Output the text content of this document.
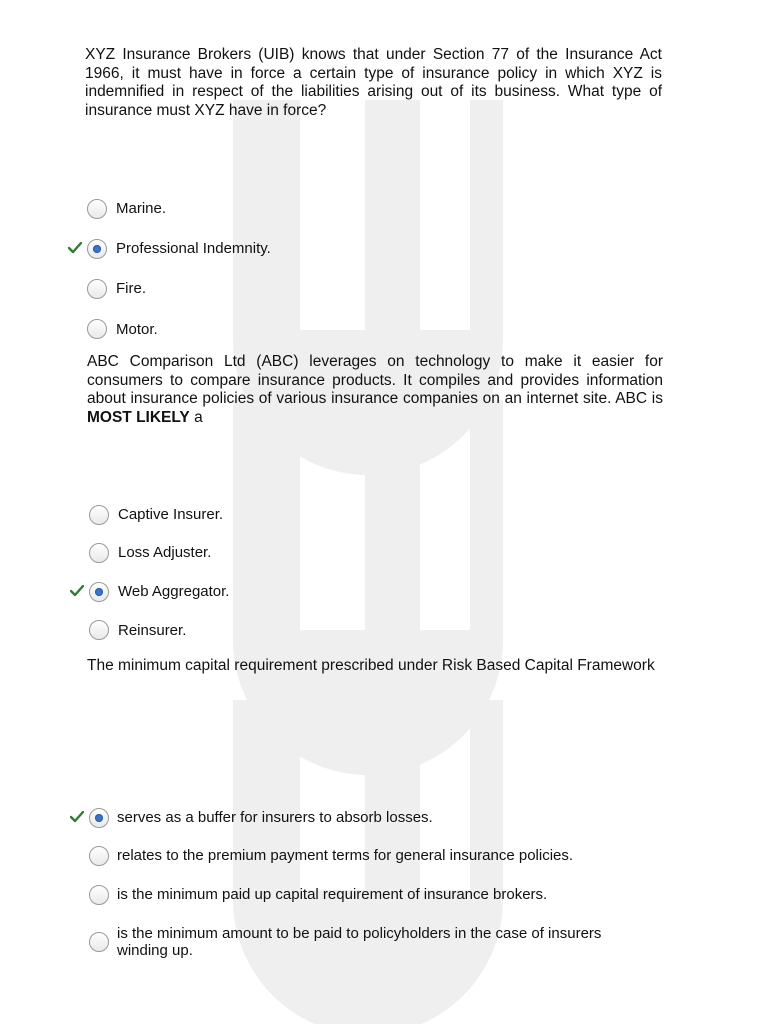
XYZ Insurance Brokers (UIB) knows that under Section 77 of the Insurance Act 1966, it must have in force a certain type of insurance policy in which XYZ is indemnified in respect of the liabilities arising out of its business. What type of insurance must XYZ have in force?
Marine.
Professional Indemnity.
Fire.
Motor.
ABC Comparison Ltd (ABC) leverages on technology to make it easier for consumers to compare insurance products. It compiles and provides information about insurance policies of various insurance companies on an internet site. ABC is MOST LIKELY a
Captive Insurer.
Loss Adjuster.
Web Aggregator.
Reinsurer.
The minimum capital requirement prescribed under Risk Based Capital Framework
serves as a buffer for insurers to absorb losses.
relates to the premium payment terms for general insurance policies.
is the minimum paid up capital requirement of insurance brokers.
is the minimum amount to be paid to policyholders in the case of insurers winding up.
